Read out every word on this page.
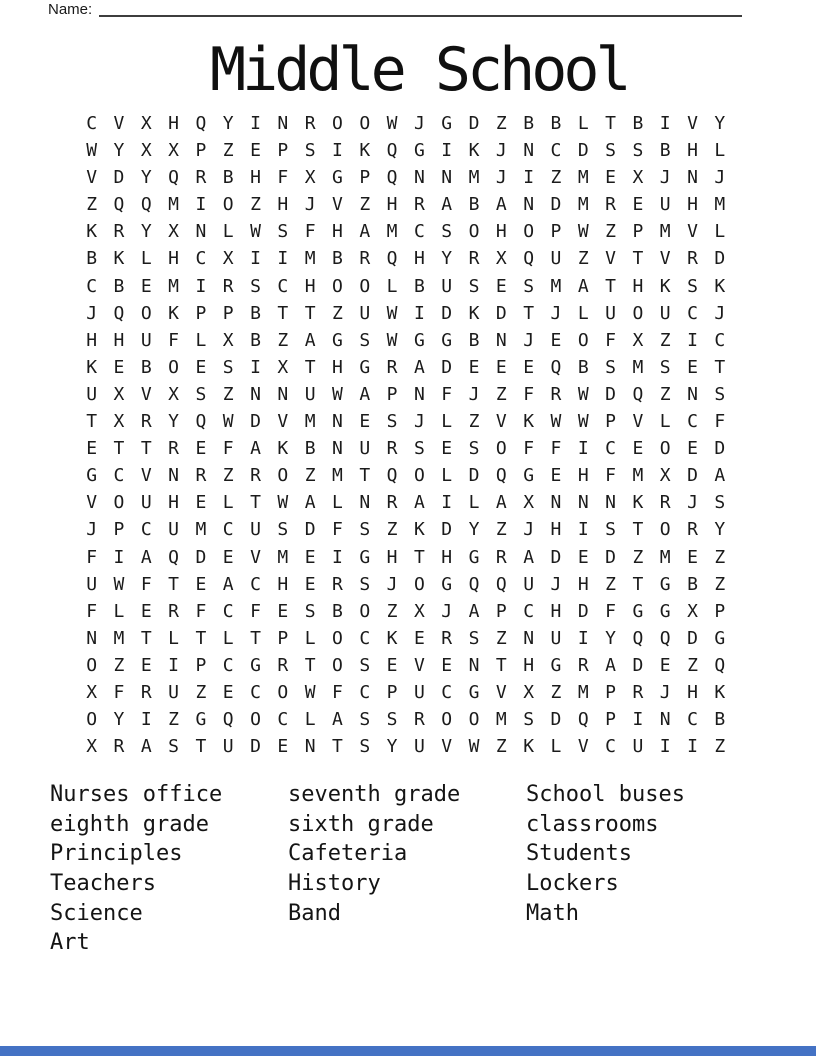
Name:
Middle School
C V X H Q Y I N R O O W J G D Z B B L T B I V Y
W Y X X P Z E P S I K Q G I K J N C D S S B H L
V D Y Q R B H F X G P Q N N M J I Z M E X J N J
Z Q Q M I O Z H J V Z H R A B A N D M R E U H M
K R Y X N L W S F H A M C S O H O P W Z P M V L
B K L H C X I I M B R Q H Y R X Q U Z V T V R D
C B E M I R S C H O O L B U S E S M A T H K S K
J Q O K P P B T T Z U W I D K D T J L U O U C J
H H U F L X B Z A G S W G G B N J E O F X Z I C
K E B O E S I X T H G R A D E E E Q B S M S E T
U X V X S Z N N U W A P N F J Z F R W D Q Z N S
T X R Y Q W D V M N E S J L Z V K W W P V L C F
E T T R E F A K B N U R S E S O F F I C E O E D
G C V N R Z R O Z M T Q O L D Q G E H F M X D A
V O U H E L T W A L N R A I L A X N N N K R J S
J P C U M C U S D F S Z K D Y Z J H I S T O R Y
F I A Q D E V M E I G H T H G R A D E D Z M E Z
U W F T E A C H E R S J O G Q Q U J H Z T G B Z
F L E R F C F E S B O Z X J A P C H D F G G X P
N M T L T L T P L O C K E R S Z N U I Y Q Q D G
O Z E I P C G R T O S E V E N T H G R A D E Z Q
X F R U Z E C O W F C P U C G V X Z M P R J H K
O Y I Z G Q O C L A S S R O O M S D Q P I N C B
X R A S T U D E N T S Y U V W Z K L V C U I I Z
Nurses office
eighth grade
Principles
Teachers
Science
Art
seventh grade
sixth grade
Cafeteria
History
Band
School buses
classrooms
Students
Lockers
Math
